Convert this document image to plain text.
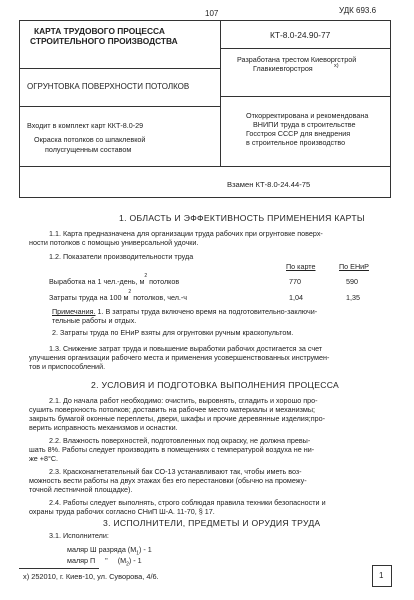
107	УДК 693.6
КАРТА ТРУДОВОГО ПРОЦЕССА
СТРОИТЕЛЬНОГО ПРОИЗВОДСТВА
КТ-8.0-24.90-77
ОГРУНТОВКА ПОВЕРХНОСТИ ПОТОЛКОВ
Разработана трестом Киеворгстрой
x)
Главкиевгорстроя
Входит в комплект карт ККТ-8.0-29
Окраска потолков со шпаклевкой
полусгущенным составом
Откорректирована и рекомендована
ВНИПИ труда в строительстве
Госстроя СССР для внедрения
в строительное производство
Взамен КТ-8.0-24.44-75
1. ОБЛАСТЬ И ЭФФЕКТИВНОСТЬ ПРИМЕНЕНИЯ КАРТЫ
1.1. Карта предназначена для организации труда рабочих при огрунтовке поверх-
ности потолков с помощью универсальной удочки.
1.2. Показатели производительности труда
По карте	По ЕНиР
Выработка на 1 чел.-день, $м^2$ потолков	770	590
Затраты труда на 100 $м^2$ потолков, чел.-ч	1,04	1,35
Примечания. 1. В затраты труда включено время на подготовительно-заключи-
тельные работы и отдых.
2. Затраты труда по ЕНиР взяты для огрунтовки ручным краскопультом.
1.3. Снижение затрат труда и повышение выработки рабочих достигается за счет
улучшения организации рабочего места и применения усовершенствованных инструмен-
тов и приспособлений.
2. УСЛОВИЯ И ПОДГОТОВКА ВЫПОЛНЕНИЯ ПРОЦЕССА
2.1. До начала работ необходимо: очистить, выровнять, сгладить и хорошо про-
сушить поверхность потолков; доставить на рабочее место материалы и механизмы;
закрыть бумагой оконные переплеты, двери, шкафы и прочие деревянные изделия;про-
верить исправность механизмов и оснастки.
2.2. Влажность поверхностей, подготовленных под окраску, не должна превы-
шать 8%. Работы следует производить в помещениях с температурой воздуха не ни-
же +8°С.
2.3. Красконагнетательный бак СО-13 устанавливают так, чтобы иметь воз-
можность вести работы на двух этажах без его перестановки (обычно на промежу-
точной лестничной площадке).
2.4. Работы следует выполнять, строго соблюдая правила техники безопасности и
охраны труда рабочих согласно СНиП Ш-А. 11-70, § 17.
3. ИСПОЛНИТЕЛИ, ПРЕДМЕТЫ И ОРУДИЯ ТРУДА
3.1. Исполнители:
маляр Ш разряда $(М_1) - 1$
маляр П     "     $(М_2) - 1$
x) 252010, г. Киев-10, ул. Суворова, 4/6.	1
